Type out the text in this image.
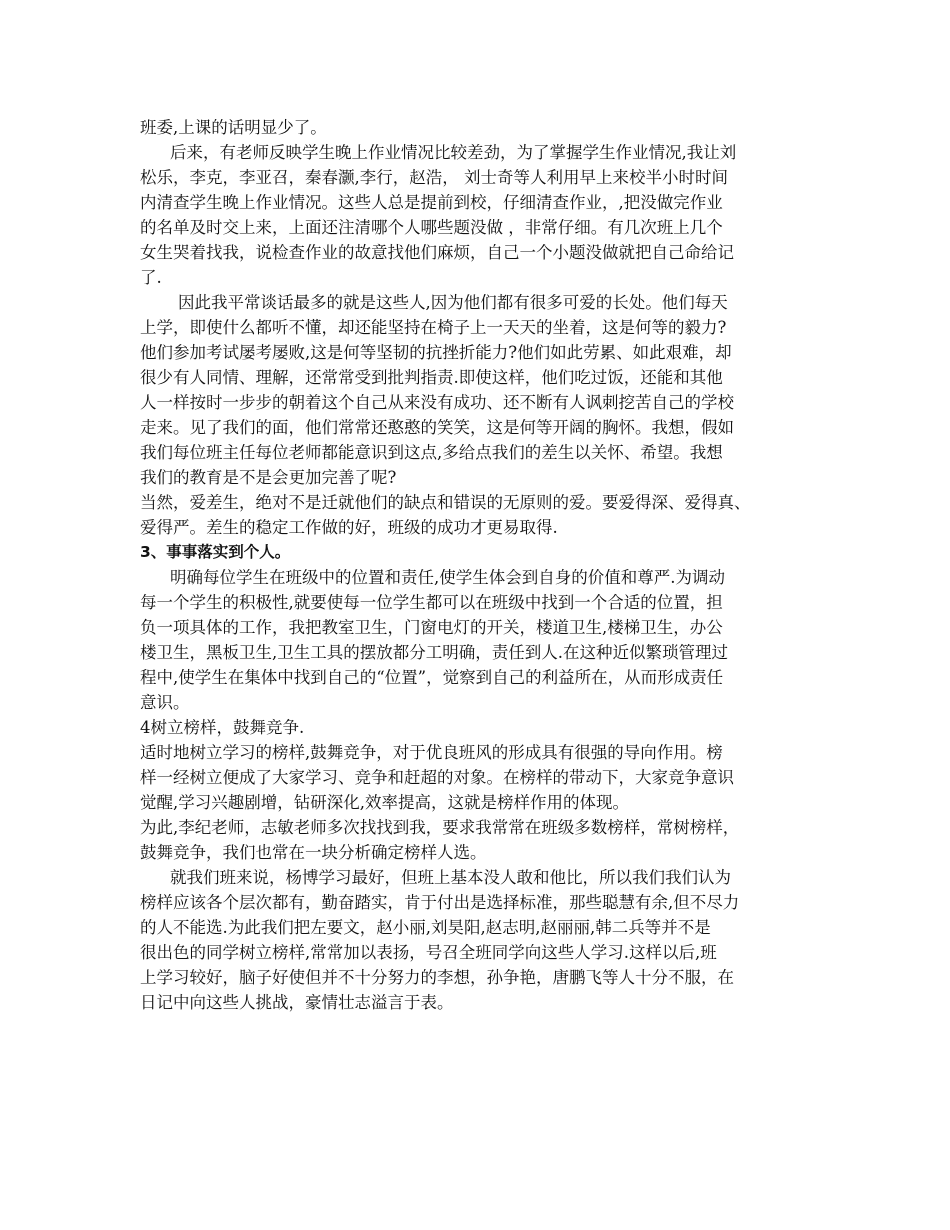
班委,上课的话明显少了。
后来，有老师反映学生晚上作业情况比较差劲，为了掌握学生作业情况,我让刘
松乐，李克，李亚召，秦春灏,李行，赵浩， 刘士奇等人利用早上来校半小时时间
内清查学生晚上作业情况。这些人总是提前到校，仔细清查作业，,把没做完作业
的名单及时交上来，上面还注清哪个人哪些题没做 ，非常仔细。有几次班上几个
女生哭着找我，说检查作业的故意找他们麻烦，自己一个小题没做就把自己命给记
了.
因此我平常谈话最多的就是这些人,因为他们都有很多可爱的长处。他们每天
上学，即使什么都听不懂，却还能坚持在椅子上一天天的坐着，这是何等的毅力?
他们参加考试屡考屡败,这是何等坚韧的抗挫折能力?他们如此劳累、如此艰难，却
很少有人同情、理解，还常常受到批判指责.即使这样，他们吃过饭，还能和其他
人一样按时一步步的朝着这个自己从来没有成功、还不断有人讽刺挖苦自己的学校
走来。见了我们的面，他们常常还憨憨的笑笑，这是何等开阔的胸怀。我想，假如
我们每位班主任每位老师都能意识到这点,多给点我们的差生以关怀、希望。我想
我们的教育是不是会更加完善了呢?
当然，爱差生，绝对不是迁就他们的缺点和错误的无原则的爱。要爱得深、爱得真、
爱得严。差生的稳定工作做的好，班级的成功才更易取得.
3、事事落实到个人。
明确每位学生在班级中的位置和责任,使学生体会到自身的价值和尊严.为调动
每一个学生的积极性,就要使每一位学生都可以在班级中找到一个合适的位置，担
负一项具体的工作，我把教室卫生，门窗电灯的开关，楼道卫生,楼梯卫生，办公
楼卫生，黑板卫生,卫生工具的摆放都分工明确，责任到人.在这种近似繁琐管理过
程中,使学生在集体中找到自己的“位置”，觉察到自己的利益所在，从而形成责任
意识。
4树立榜样，鼓舞竞争.
适时地树立学习的榜样,鼓舞竞争，对于优良班风的形成具有很强的导向作用。榜
样一经树立便成了大家学习、竞争和赶超的对象。在榜样的带动下，大家竞争意识
觉醒,学习兴趣剧增，钻研深化,效率提高，这就是榜样作用的体现。
为此,李纪老师，志敏老师多次找找到我，要求我常常在班级多数榜样，常树榜样，
鼓舞竞争，我们也常在一块分析确定榜样人选。
就我们班来说，杨博学习最好，但班上基本没人敢和他比，所以我们我们认为
榜样应该各个层次都有，勤奋踏实，肯于付出是选择标准，那些聪慧有余,但不尽力
的人不能选.为此我们把左要文，赵小丽,刘昊阳,赵志明,赵丽丽,韩二兵等并不是
很出色的同学树立榜样,常常加以表扬，号召全班同学向这些人学习.这样以后,班
上学习较好，脑子好使但并不十分努力的李想，孙争艳，唐鹏飞等人十分不服，在
日记中向这些人挑战，豪情壮志溢言于表。
